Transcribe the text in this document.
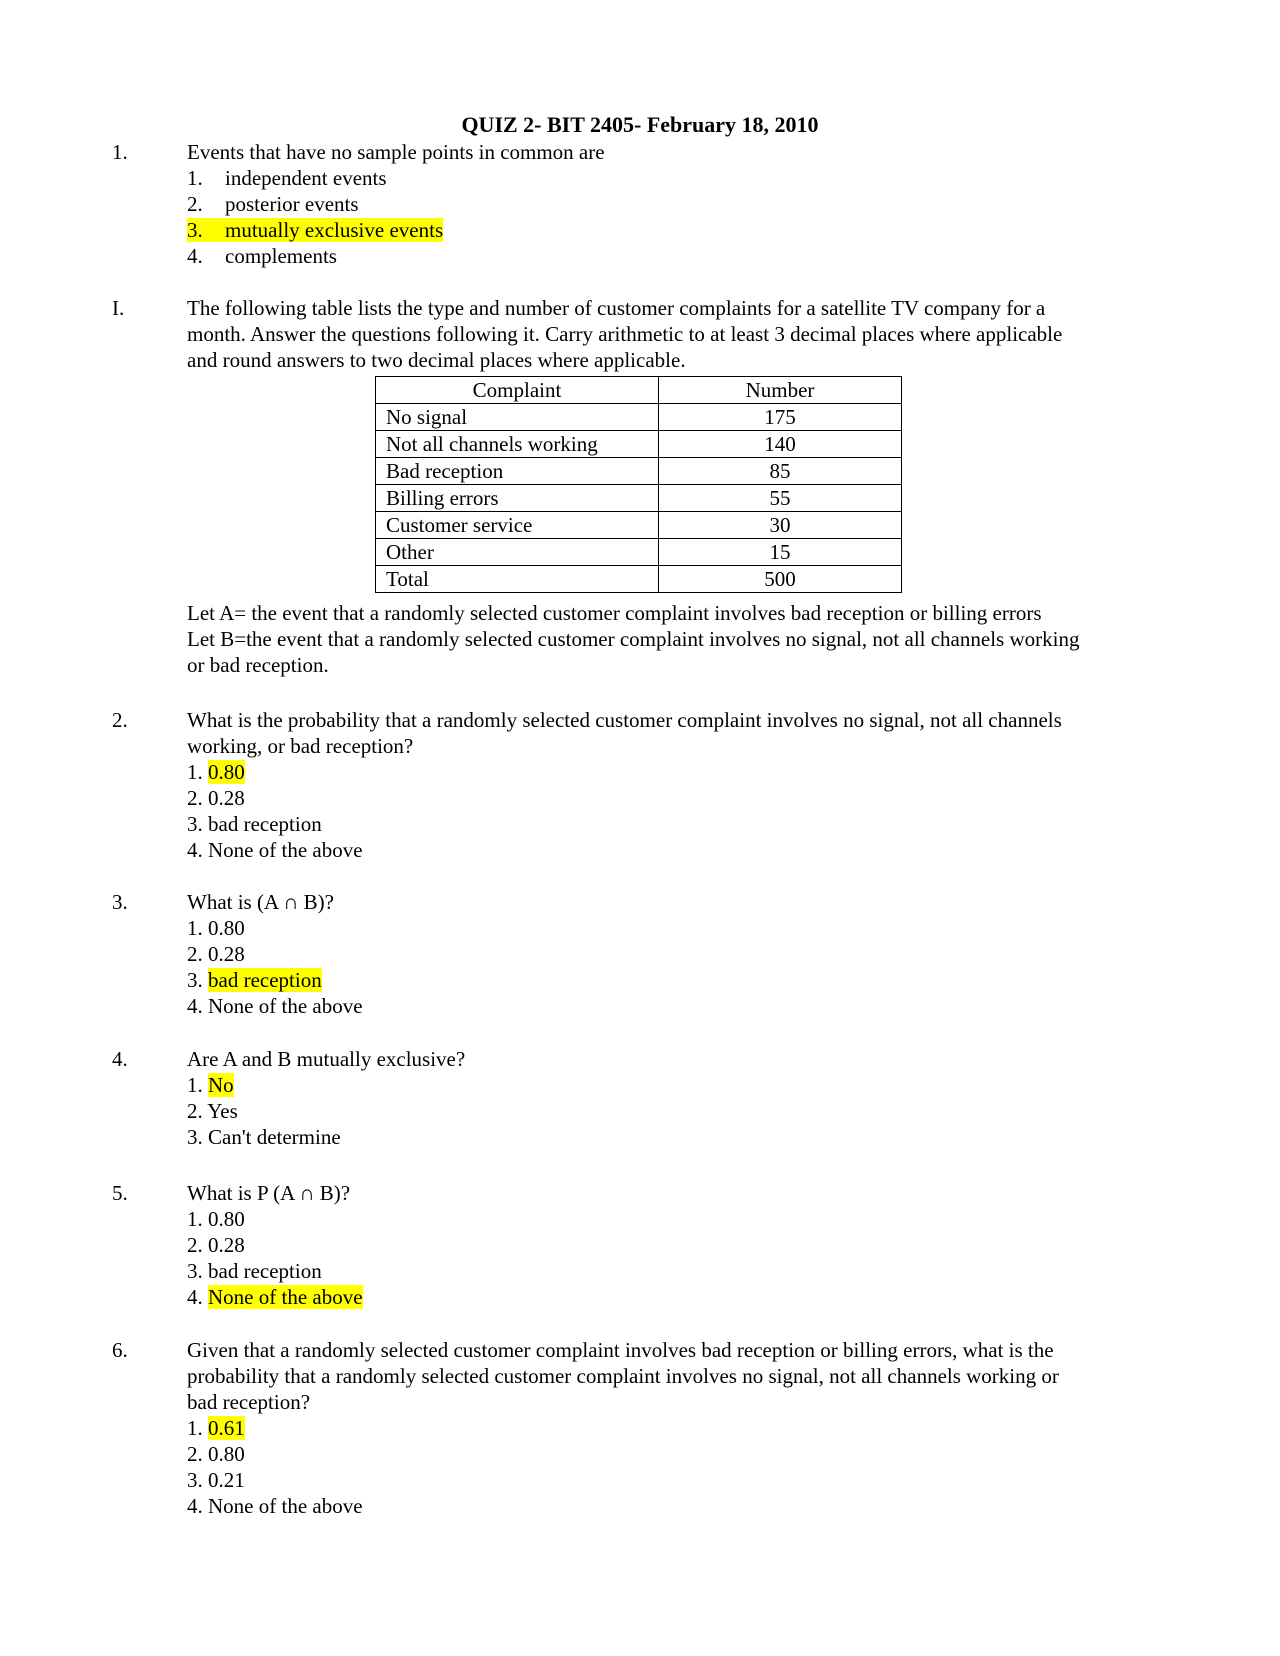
QUIZ 2- BIT 2405- February 18, 2010
1.	Events that have no sample points in common are
1. independent events
2. posterior events
3. mutually exclusive events
4. complements
I.	The following table lists the type and number of customer complaints for a satellite TV company for a
month. Answer the questions following it. Carry arithmetic to at least 3 decimal places where applicable
and round answers to two decimal places where applicable.
Complaint	Number
No signal	175
Not all channels working	140
Bad reception	85
Billing errors	55
Customer service	30
Other	15
Total	500
Let A= the event that a randomly selected customer complaint involves bad reception or billing errors
Let B=the event that a randomly selected customer complaint involves no signal, not all channels working
or bad reception.
2.	What is the probability that a randomly selected customer complaint involves no signal, not all channels
working, or bad reception?
1. 0.80
2. 0.28
3. bad reception
4. None of the above
3.	What is (A ∩ B)?
1. 0.80
2. 0.28
3. bad reception
4. None of the above
4.	Are A and B mutually exclusive?
1. No
2. Yes
3. Can't determine
5.	What is P (A ∩ B)?
1. 0.80
2. 0.28
3. bad reception
4. None of the above
6.	Given that a randomly selected customer complaint involves bad reception or billing errors, what is the
probability that a randomly selected customer complaint involves no signal, not all channels working or
bad reception?
1. 0.61
2. 0.80
3. 0.21
4. None of the above
